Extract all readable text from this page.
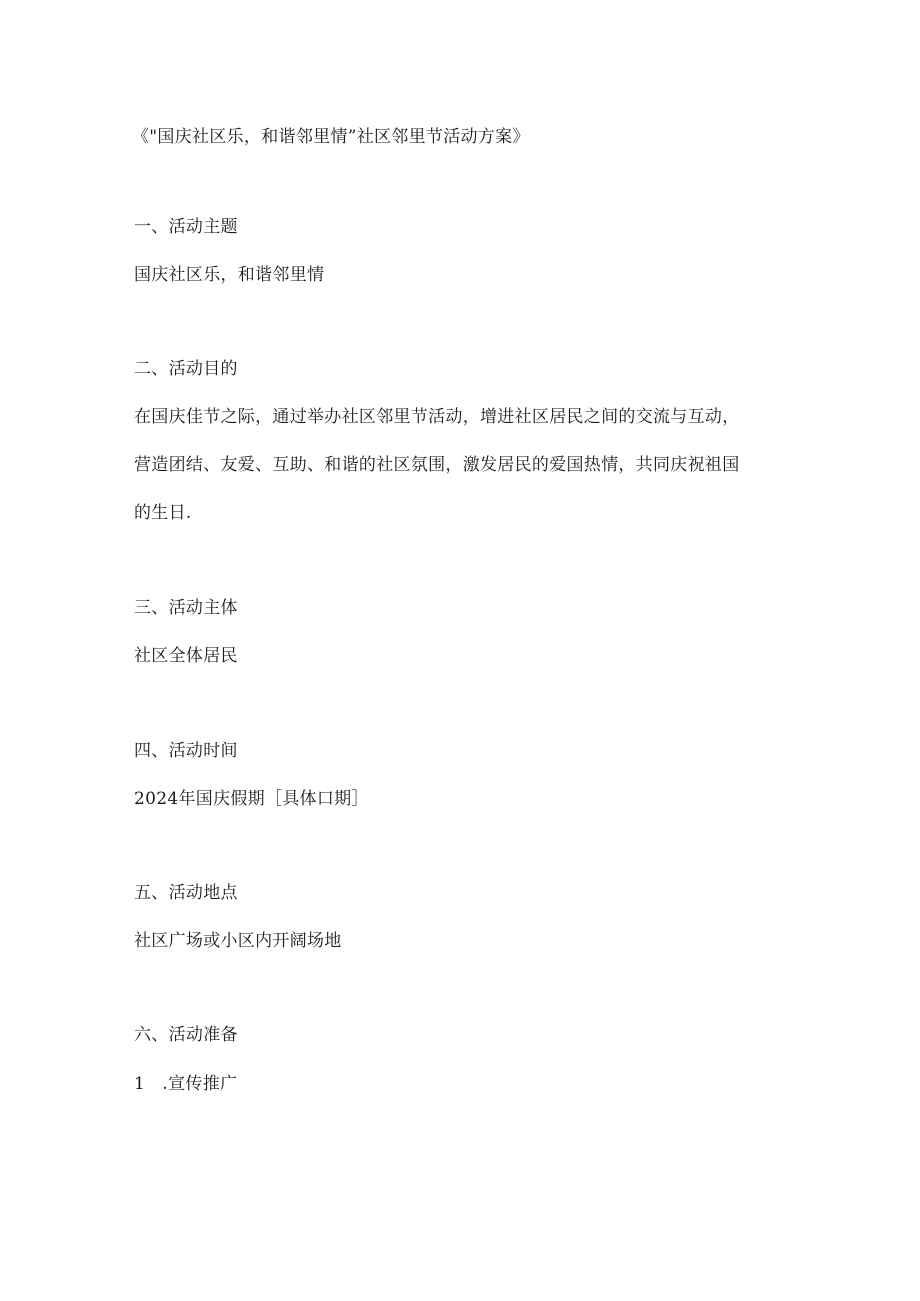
《"国庆社区乐，和谐邻里情”社区邻里节活动方案》
一、活动主题
国庆社区乐，和谐邻里情
二、活动目的
在国庆佳节之际，通过举办社区邻里节活动，增进社区居民之间的交流与互动，
营造团结、友爱、互助、和谐的社区氛围，激发居民的爱国热情，共同庆祝祖国
的生日.
三、活动主体
社区全体居民
四、活动时间
2024年国庆假期［具体口期］
五、活动地点
社区广场或小区内开阔场地
六、活动准备
1　.宣传推广
